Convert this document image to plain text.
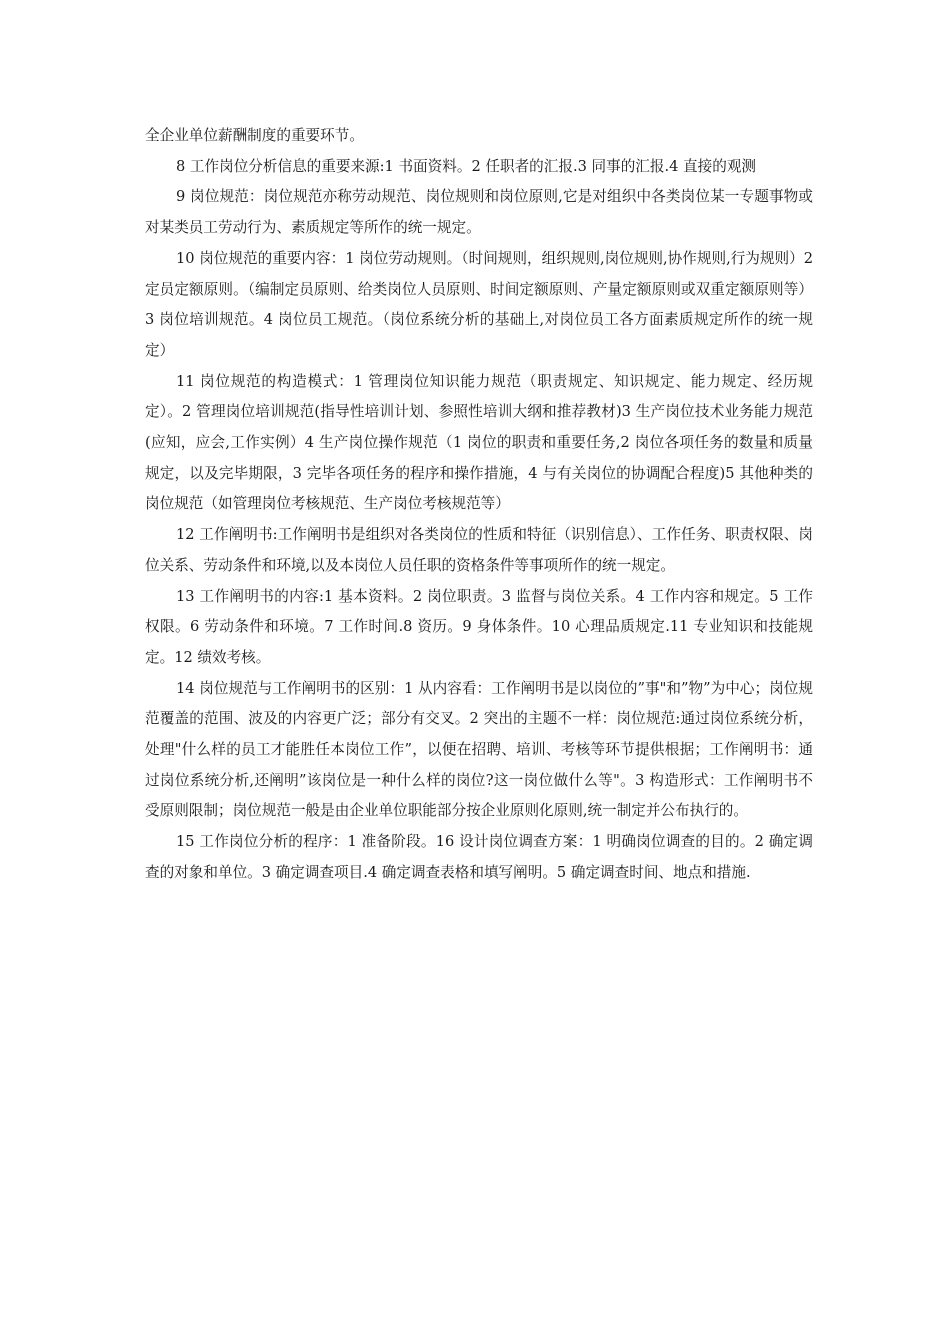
全企业单位薪酬制度的重要环节。

8 工作岗位分析信息的重要来源:1 书面资料。2 任职者的汇报.3 同事的汇报.4 直接的观测

9 岗位规范：岗位规范亦称劳动规范、岗位规则和岗位原则,它是对组织中各类岗位某一专题事物或对某类员工劳动行为、素质规定等所作的统一规定。

10 岗位规范的重要内容：1 岗位劳动规则。（时间规则，组织规则,岗位规则,协作规则,行为规则）2 定员定额原则。（编制定员原则、给类岗位人员原则、时间定额原则、产量定额原则或双重定额原则等）3 岗位培训规范。4 岗位员工规范。（岗位系统分析的基础上,对岗位员工各方面素质规定所作的统一规定）

11 岗位规范的构造模式：1 管理岗位知识能力规范（职责规定、知识规定、能力规定、经历规定）。2 管理岗位培训规范(指导性培训计划、参照性培训大纲和推荐教材)3 生产岗位技术业务能力规范(应知，应会,工作实例）4 生产岗位操作规范（1 岗位的职责和重要任务,2 岗位各项任务的数量和质量规定，以及完毕期限，3 完毕各项任务的程序和操作措施，4 与有关岗位的协调配合程度)5 其他种类的岗位规范（如管理岗位考核规范、生产岗位考核规范等）

12 工作阐明书:工作阐明书是组织对各类岗位的性质和特征（识别信息）、工作任务、职责权限、岗位关系、劳动条件和环境,以及本岗位人员任职的资格条件等事项所作的统一规定。

13 工作阐明书的内容:1 基本资料。2 岗位职责。3 监督与岗位关系。4 工作内容和规定。5 工作权限。6 劳动条件和环境。7 工作时间.8 资历。9 身体条件。10 心理品质规定.11 专业知识和技能规定。12 绩效考核。

14 岗位规范与工作阐明书的区别：1 从内容看：工作阐明书是以岗位的”事"和”物”为中心；岗位规范覆盖的范围、波及的内容更广泛；部分有交叉。2 突出的主题不一样：岗位规范:通过岗位系统分析，处理"什么样的员工才能胜任本岗位工作”，以便在招聘、培训、考核等环节提供根据；工作阐明书：通过岗位系统分析,还阐明”该岗位是一种什么样的岗位?这一岗位做什么等"。3 构造形式：工作阐明书不受原则限制；岗位规范一般是由企业单位职能部分按企业原则化原则,统一制定并公布执行的。

15 工作岗位分析的程序：1 准备阶段。16 设计岗位调查方案：1 明确岗位调查的目的。2 确定调查的对象和单位。3 确定调查项目.4 确定调查表格和填写阐明。5 确定调查时间、地点和措施.
